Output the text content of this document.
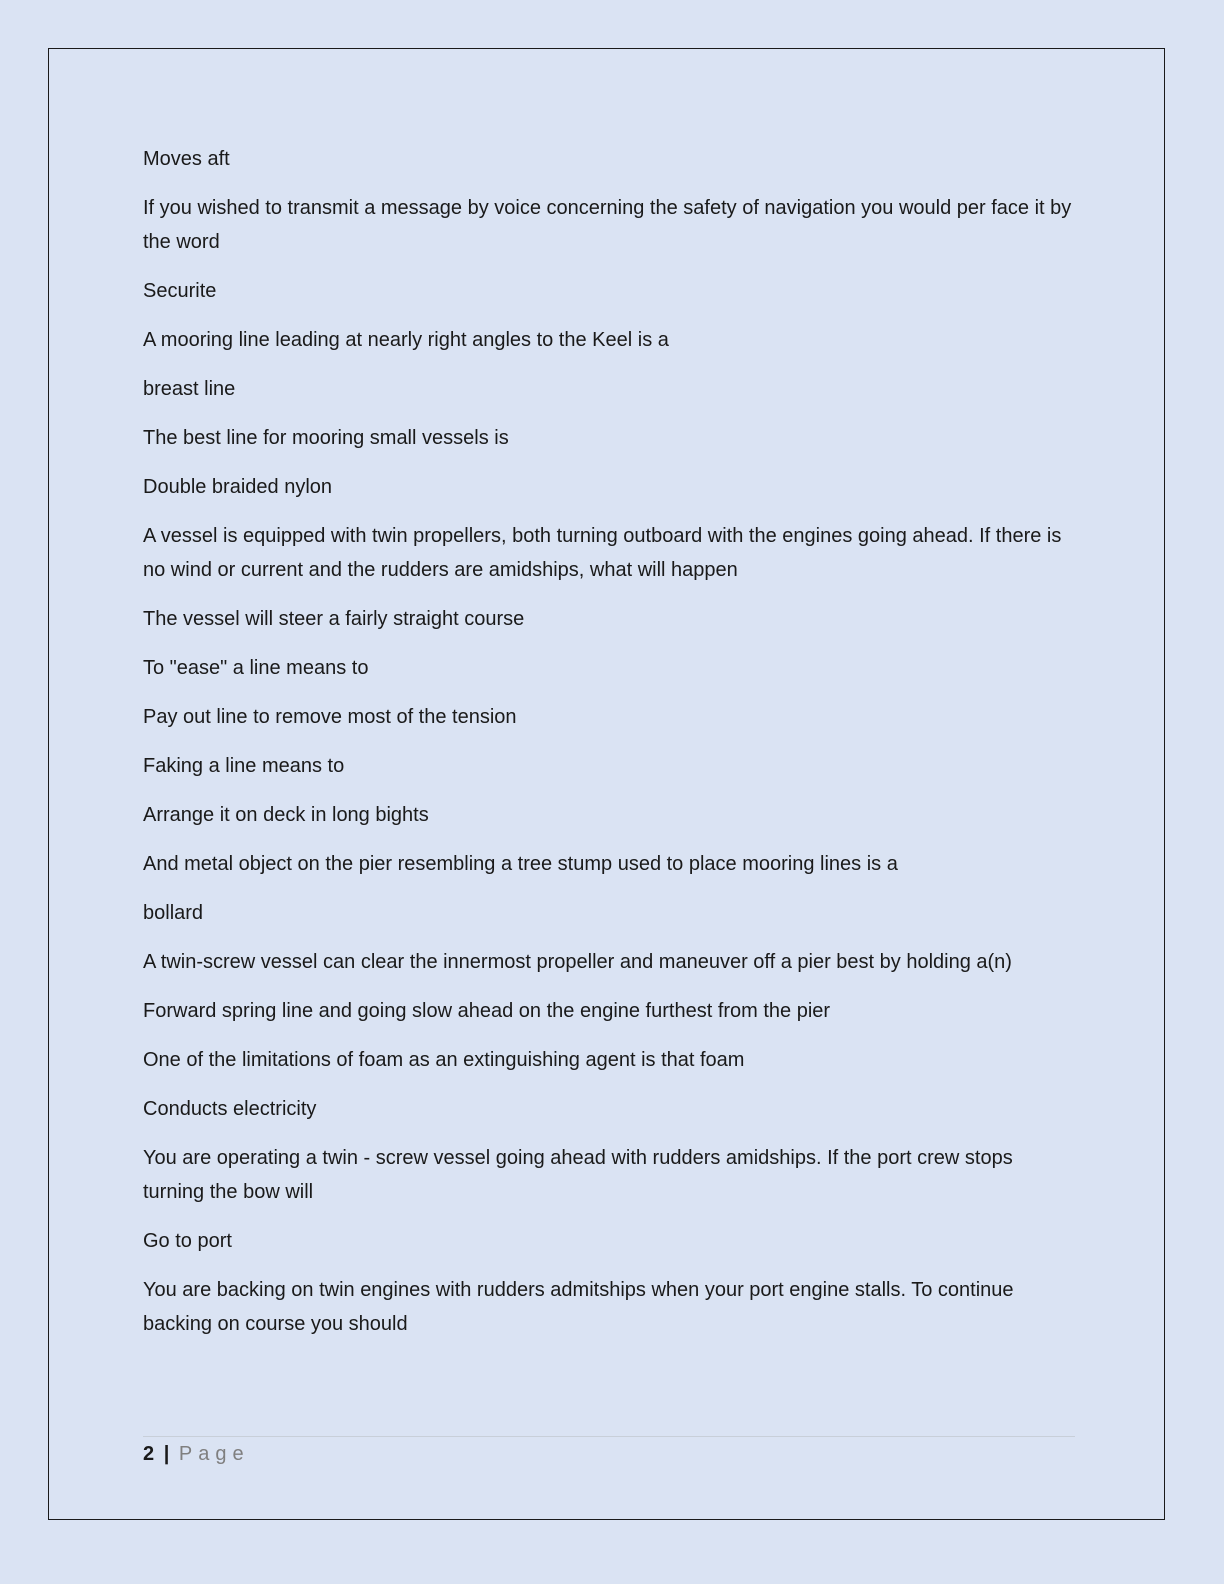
Moves aft

If you wished to transmit a message by voice concerning the safety of navigation you would per face it by the word

Securite

A mooring line leading at nearly right angles to the Keel is a

breast line

The best line for mooring small vessels is

Double braided nylon

A vessel is equipped with twin propellers, both turning outboard with the engines going ahead. If there is no wind or current and the rudders are amidships, what will happen

The vessel will steer a fairly straight course

To "ease" a line means to

Pay out line to remove most of the tension

Faking a line means to

Arrange it on deck in long bights

And metal object on the pier resembling a tree stump used to place mooring lines is a

bollard

A twin-screw vessel can clear the innermost propeller and maneuver off a pier best by holding a(n)

Forward spring line and going slow ahead on the engine furthest from the pier

One of the limitations of foam as an extinguishing agent is that foam

Conducts electricity

You are operating a twin - screw vessel going ahead with rudders amidships. If the port crew stops turning the bow will

Go to port

You are backing on twin engines with rudders admitships when your port engine stalls. To continue backing on course you should

2 | Page
